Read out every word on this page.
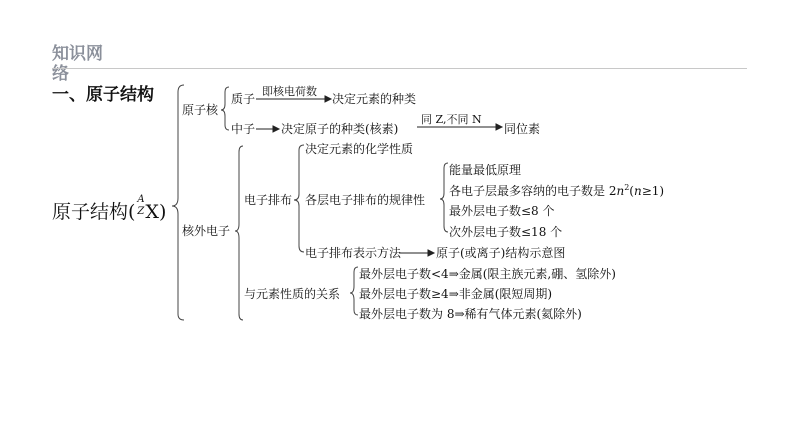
知识网
络
一、原子结构
原子结构(
A
Z X)
原子核
质子
即核电荷数
决定元素的种类
中子 决定原子的种类(核素)
同 Z,不同 N
同位素
核外电子
电子排布
决定元素的化学性质
各层电子排布的规律性
能量最低原理
各电子层最多容纳的电子数是 $2n^2(n\ge 1)$
最外层电子数≤8 个
次外层电子数≤18 个
电子排布表示方法	原子(或离子)结构示意图
与元素性质的关系
最外层电子数<4⇒金属(限主族元素,硼、氢除外)
最外层电子数≥4⇒非金属(限短周期)
最外层电子数为 8⇒稀有气体元素(氦除外)
